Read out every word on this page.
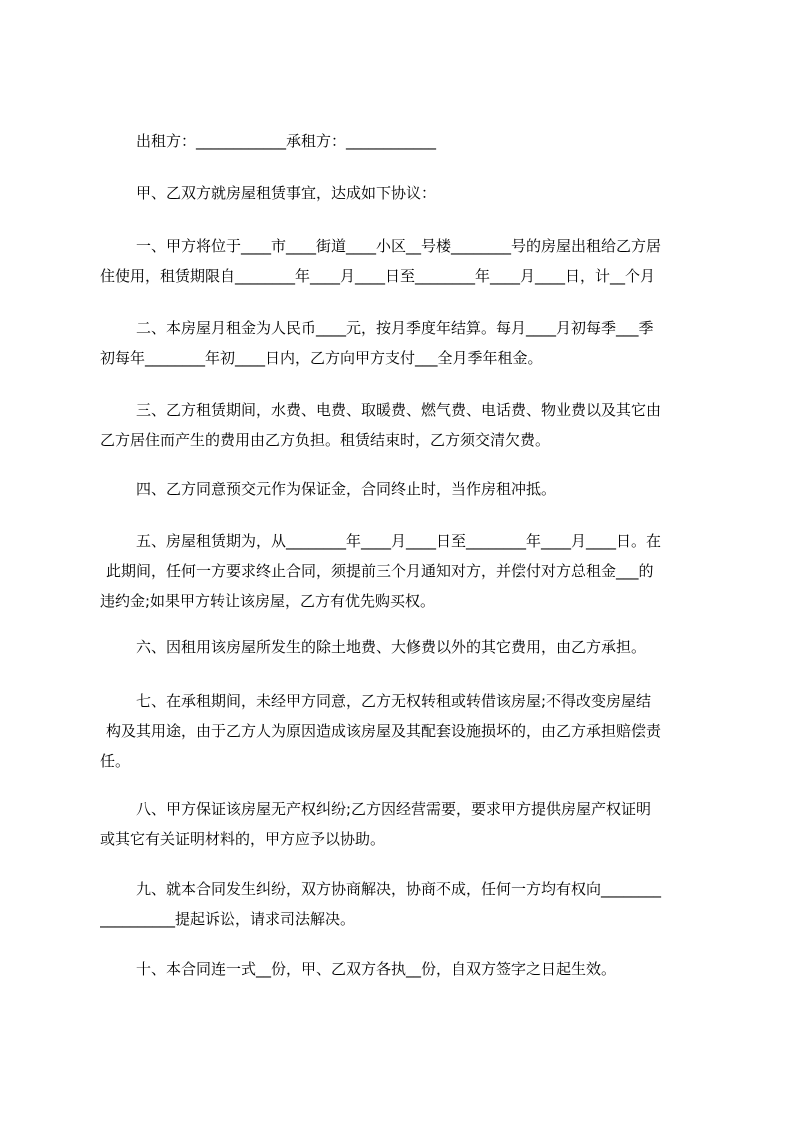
出租方：____________承租方：____________
甲、乙双方就房屋租赁事宜，达成如下协议：
一、甲方将位于____市____街道____小区__号楼________号的房屋出租给乙方居
住使用，租赁期限自________年____月____日至________年____月____日，计__个月
二、本房屋月租金为人民币____元，按月季度年结算。每月____月初每季___季
初每年________年初____日内，乙方向甲方支付___全月季年租金。
三、乙方租赁期间，水费、电费、取暖费、燃气费、电话费、物业费以及其它由
乙方居住而产生的费用由乙方负担。租赁结束时，乙方须交清欠费。
四、乙方同意预交元作为保证金，合同终止时，当作房租冲抵。
五、房屋租赁期为，从________年____月____日至________年____月____日。在
此期间，任何一方要求终止合同，须提前三个月通知对方，并偿付对方总租金___的
违约金;如果甲方转让该房屋，乙方有优先购买权。
六、因租用该房屋所发生的除土地费、大修费以外的其它费用，由乙方承担。
七、在承租期间，未经甲方同意，乙方无权转租或转借该房屋;不得改变房屋结
构及其用途，由于乙方人为原因造成该房屋及其配套设施损坏的，由乙方承担赔偿责
任。
八、甲方保证该房屋无产权纠纷;乙方因经营需要，要求甲方提供房屋产权证明
或其它有关证明材料的，甲方应予以协助。
九、就本合同发生纠纷，双方协商解决，协商不成，任何一方均有权向________
__________提起诉讼，请求司法解决。
十、本合同连一式__份，甲、乙双方各执__份，自双方签字之日起生效。
